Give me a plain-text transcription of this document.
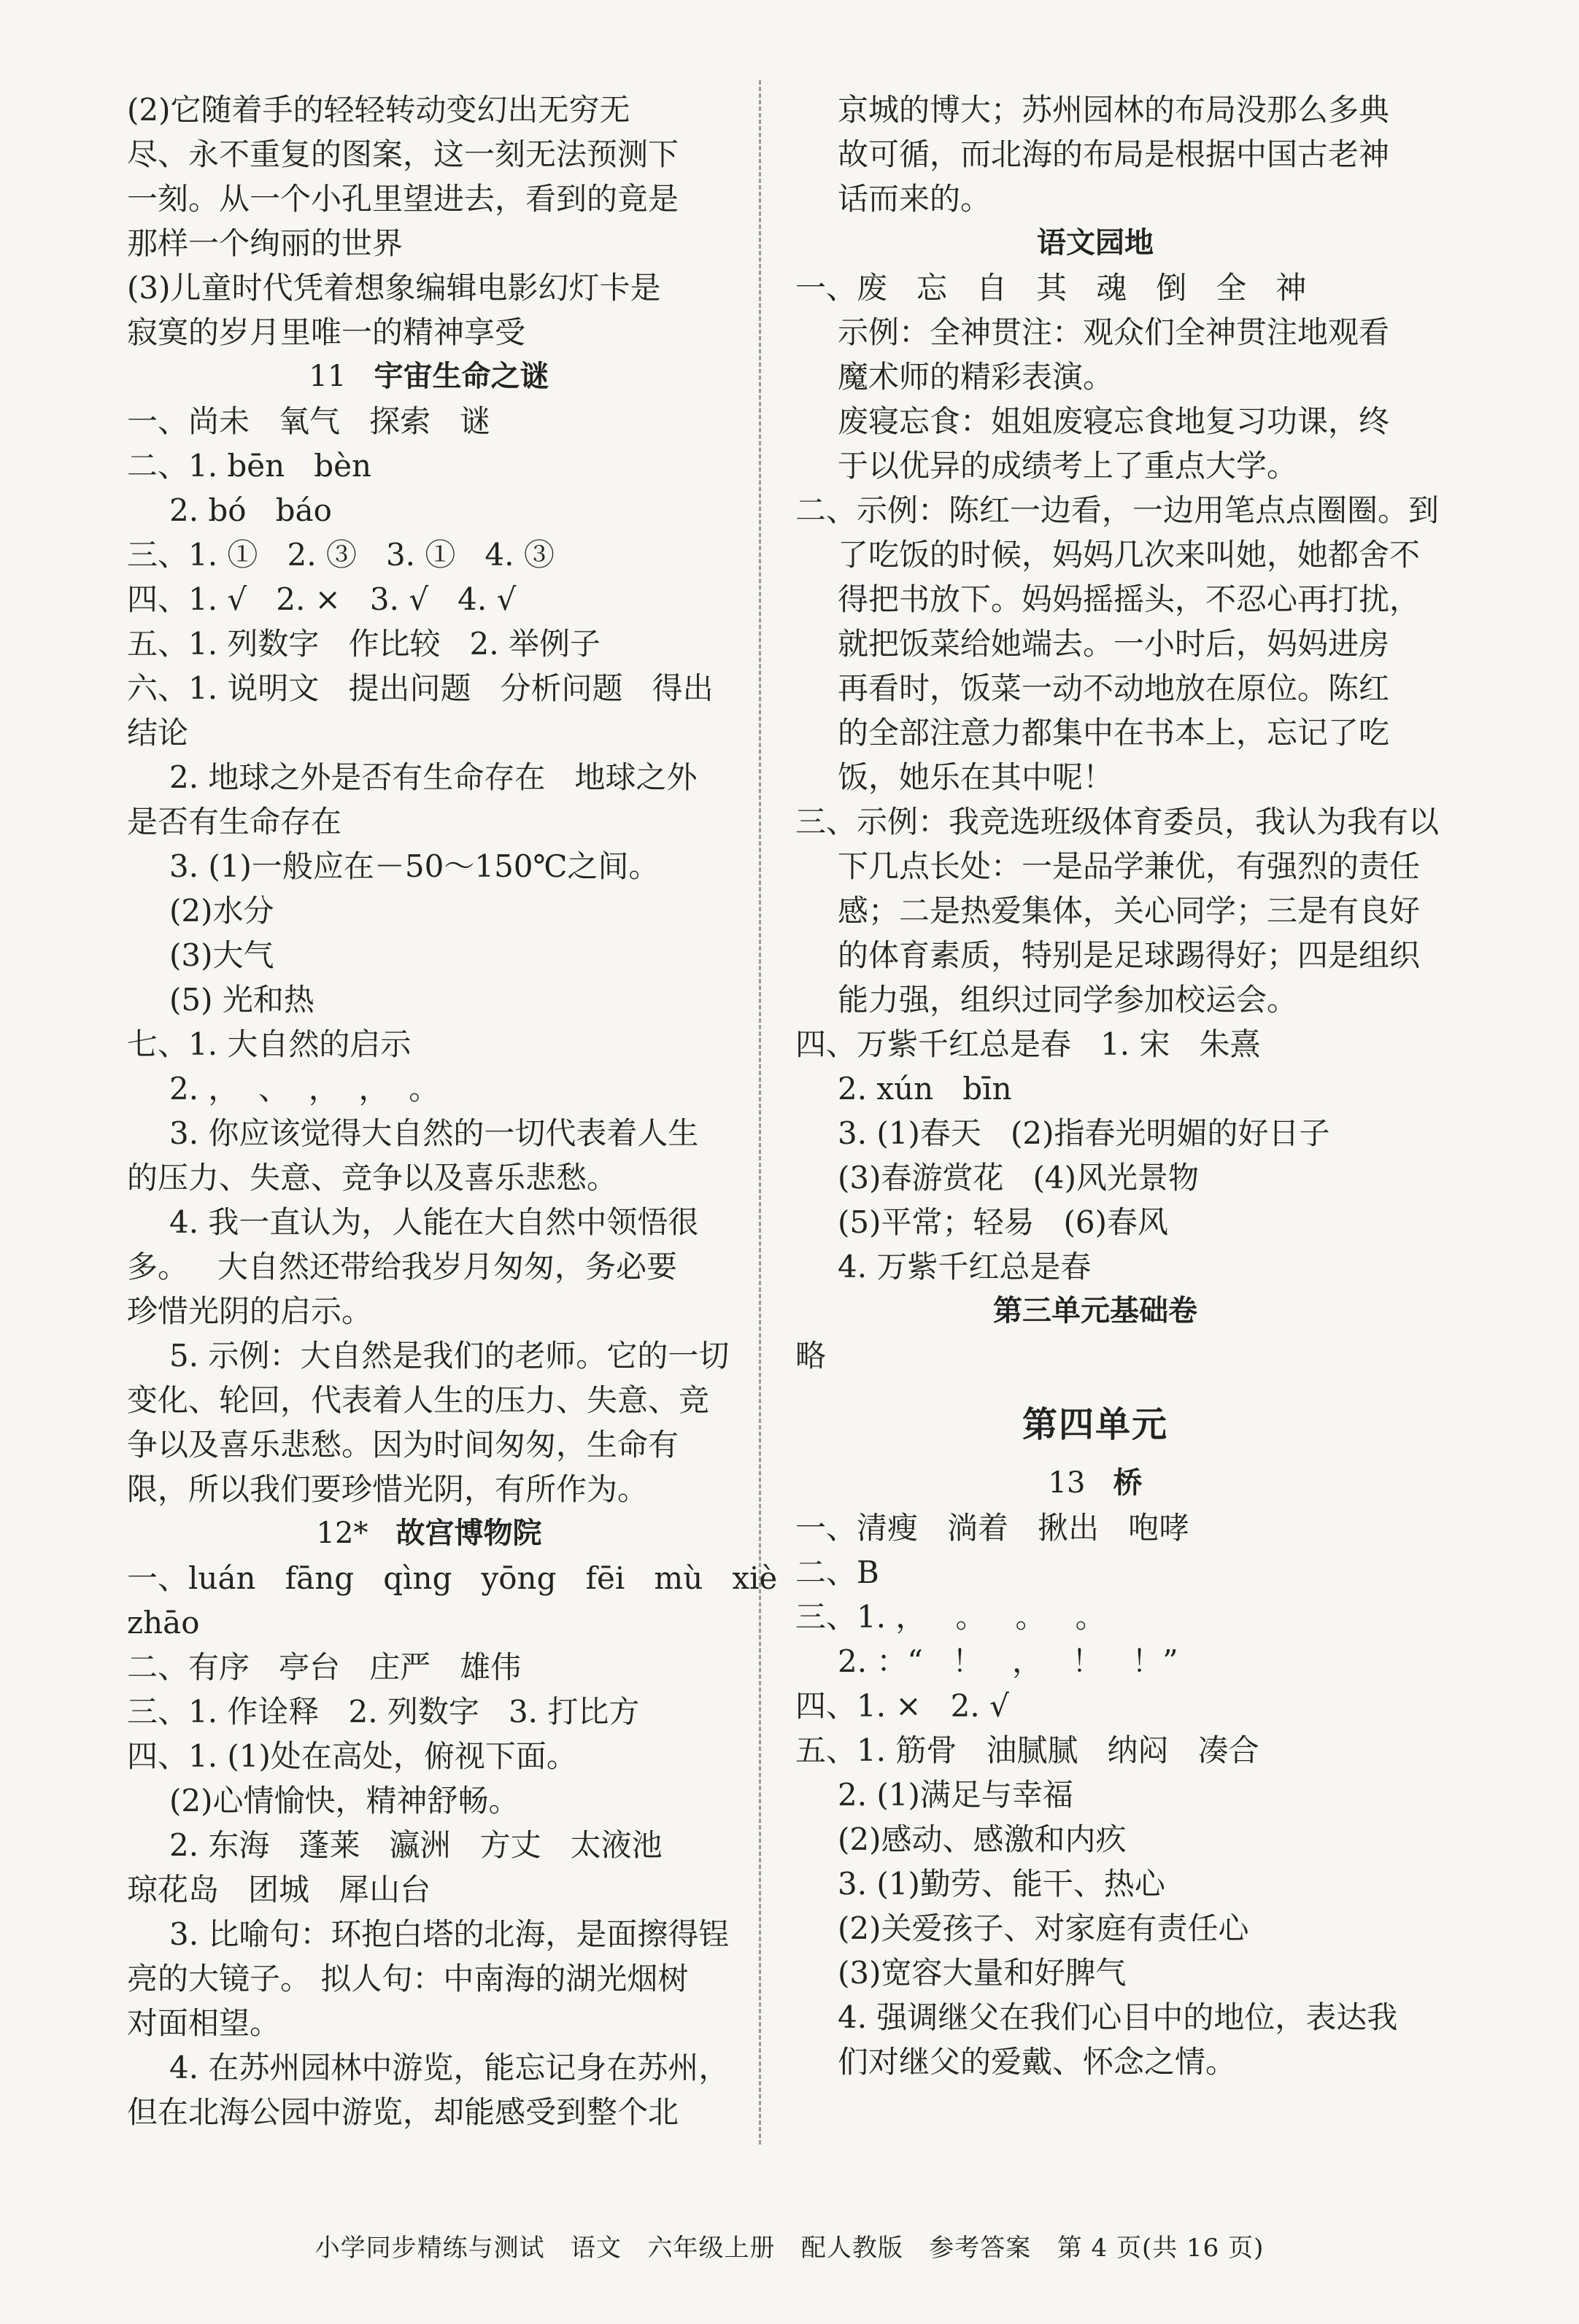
(2)它随着手的轻轻转动变幻出无穷无
尽、永不重复的图案，这一刻无法预测下
一刻。从一个小孔里望进去，看到的竟是
那样一个绚丽的世界
(3)儿童时代凭着想象编辑电影幻灯卡是
寂寞的岁月里唯一的精神享受
11 宇宙生命之谜
一、尚未   氧气   探索   谜
二、1. bēn   bèn
2. bó   báo
三、1. ①   2. ③   3. ①   4. ③
四、1. √   2. ×   3. √   4. √
五、1. 列数字   作比较   2. 举例子
六、1. 说明文   提出问题   分析问题   得出
结论
2. 地球之外是否有生命存在   地球之外
是否有生命存在
3. (1)一般应在－50～150℃之间。
(2)水分
(3)大气
(5) 光和热
七、1. 大自然的启示
2. ，  、  ，  ，  。
3. 你应该觉得大自然的一切代表着人生
的压力、失意、竞争以及喜乐悲愁。
4. 我一直认为，人能在大自然中领悟很
多。   大自然还带给我岁月匆匆，务必要
珍惜光阴的启示。
5. 示例：大自然是我们的老师。它的一切
变化、轮回，代表着人生的压力、失意、竞
争以及喜乐悲愁。因为时间匆匆，生命有
限，所以我们要珍惜光阴，有所作为。
12* 故宫博物院
一、luán   fāng   qìng   yōng   fēi   mù   xiè
zhāo
二、有序   亭台   庄严   雄伟
三、1. 作诠释   2. 列数字   3. 打比方
四、1. (1)处在高处，俯视下面。
(2)心情愉快，精神舒畅。
2. 东海   蓬莱   瀛洲   方丈   太液池
琼花岛   团城   犀山台
3. 比喻句：环抱白塔的北海，是面擦得锃
亮的大镜子。 拟人句：中南海的湖光烟树
对面相望。
4. 在苏州园林中游览，能忘记身在苏州，
但在北海公园中游览，却能感受到整个北
京城的博大；苏州园林的布局没那么多典
故可循，而北海的布局是根据中国古老神
话而来的。
语文园地
一、废   忘   自   其   魂   倒   全   神
示例：全神贯注：观众们全神贯注地观看
魔术师的精彩表演。
废寝忘食：姐姐废寝忘食地复习功课，终
于以优异的成绩考上了重点大学。
二、示例：陈红一边看，一边用笔点点圈圈。到
了吃饭的时候，妈妈几次来叫她，她都舍不
得把书放下。妈妈摇摇头，不忍心再打扰，
就把饭菜给她端去。一小时后，妈妈进房
再看时，饭菜一动不动地放在原位。陈红
的全部注意力都集中在书本上，忘记了吃
饭，她乐在其中呢！
三、示例：我竞选班级体育委员，我认为我有以
下几点长处：一是品学兼优，有强烈的责任
感；二是热爱集体，关心同学；三是有良好
的体育素质，特别是足球踢得好；四是组织
能力强，组织过同学参加校运会。
四、万紫千红总是春   1. 宋   朱熹
2. xún   bīn
3. (1)春天   (2)指春光明媚的好日子
(3)春游赏花   (4)风光景物
(5)平常；轻易   (6)春风
4. 万紫千红总是春
第三单元基础卷
略
第四单元
13 桥
一、清瘦   淌着   揪出   咆哮
二、B
三、1. ，   。   。   。
2. ：“   ！   ，   ！   ！”
四、1. ×   2. √
五、1. 筋骨   油腻腻   纳闷   凑合
2. (1)满足与幸福
(2)感动、感激和内疚
3. (1)勤劳、能干、热心
(2)关爱孩子、对家庭有责任心
(3)宽容大量和好脾气
4. 强调继父在我们心目中的地位，表达我
们对继父的爱戴、怀念之情。
小学同步精练与测试   语文   六年级上册   配人教版   参考答案   第 4 页(共 16 页)
